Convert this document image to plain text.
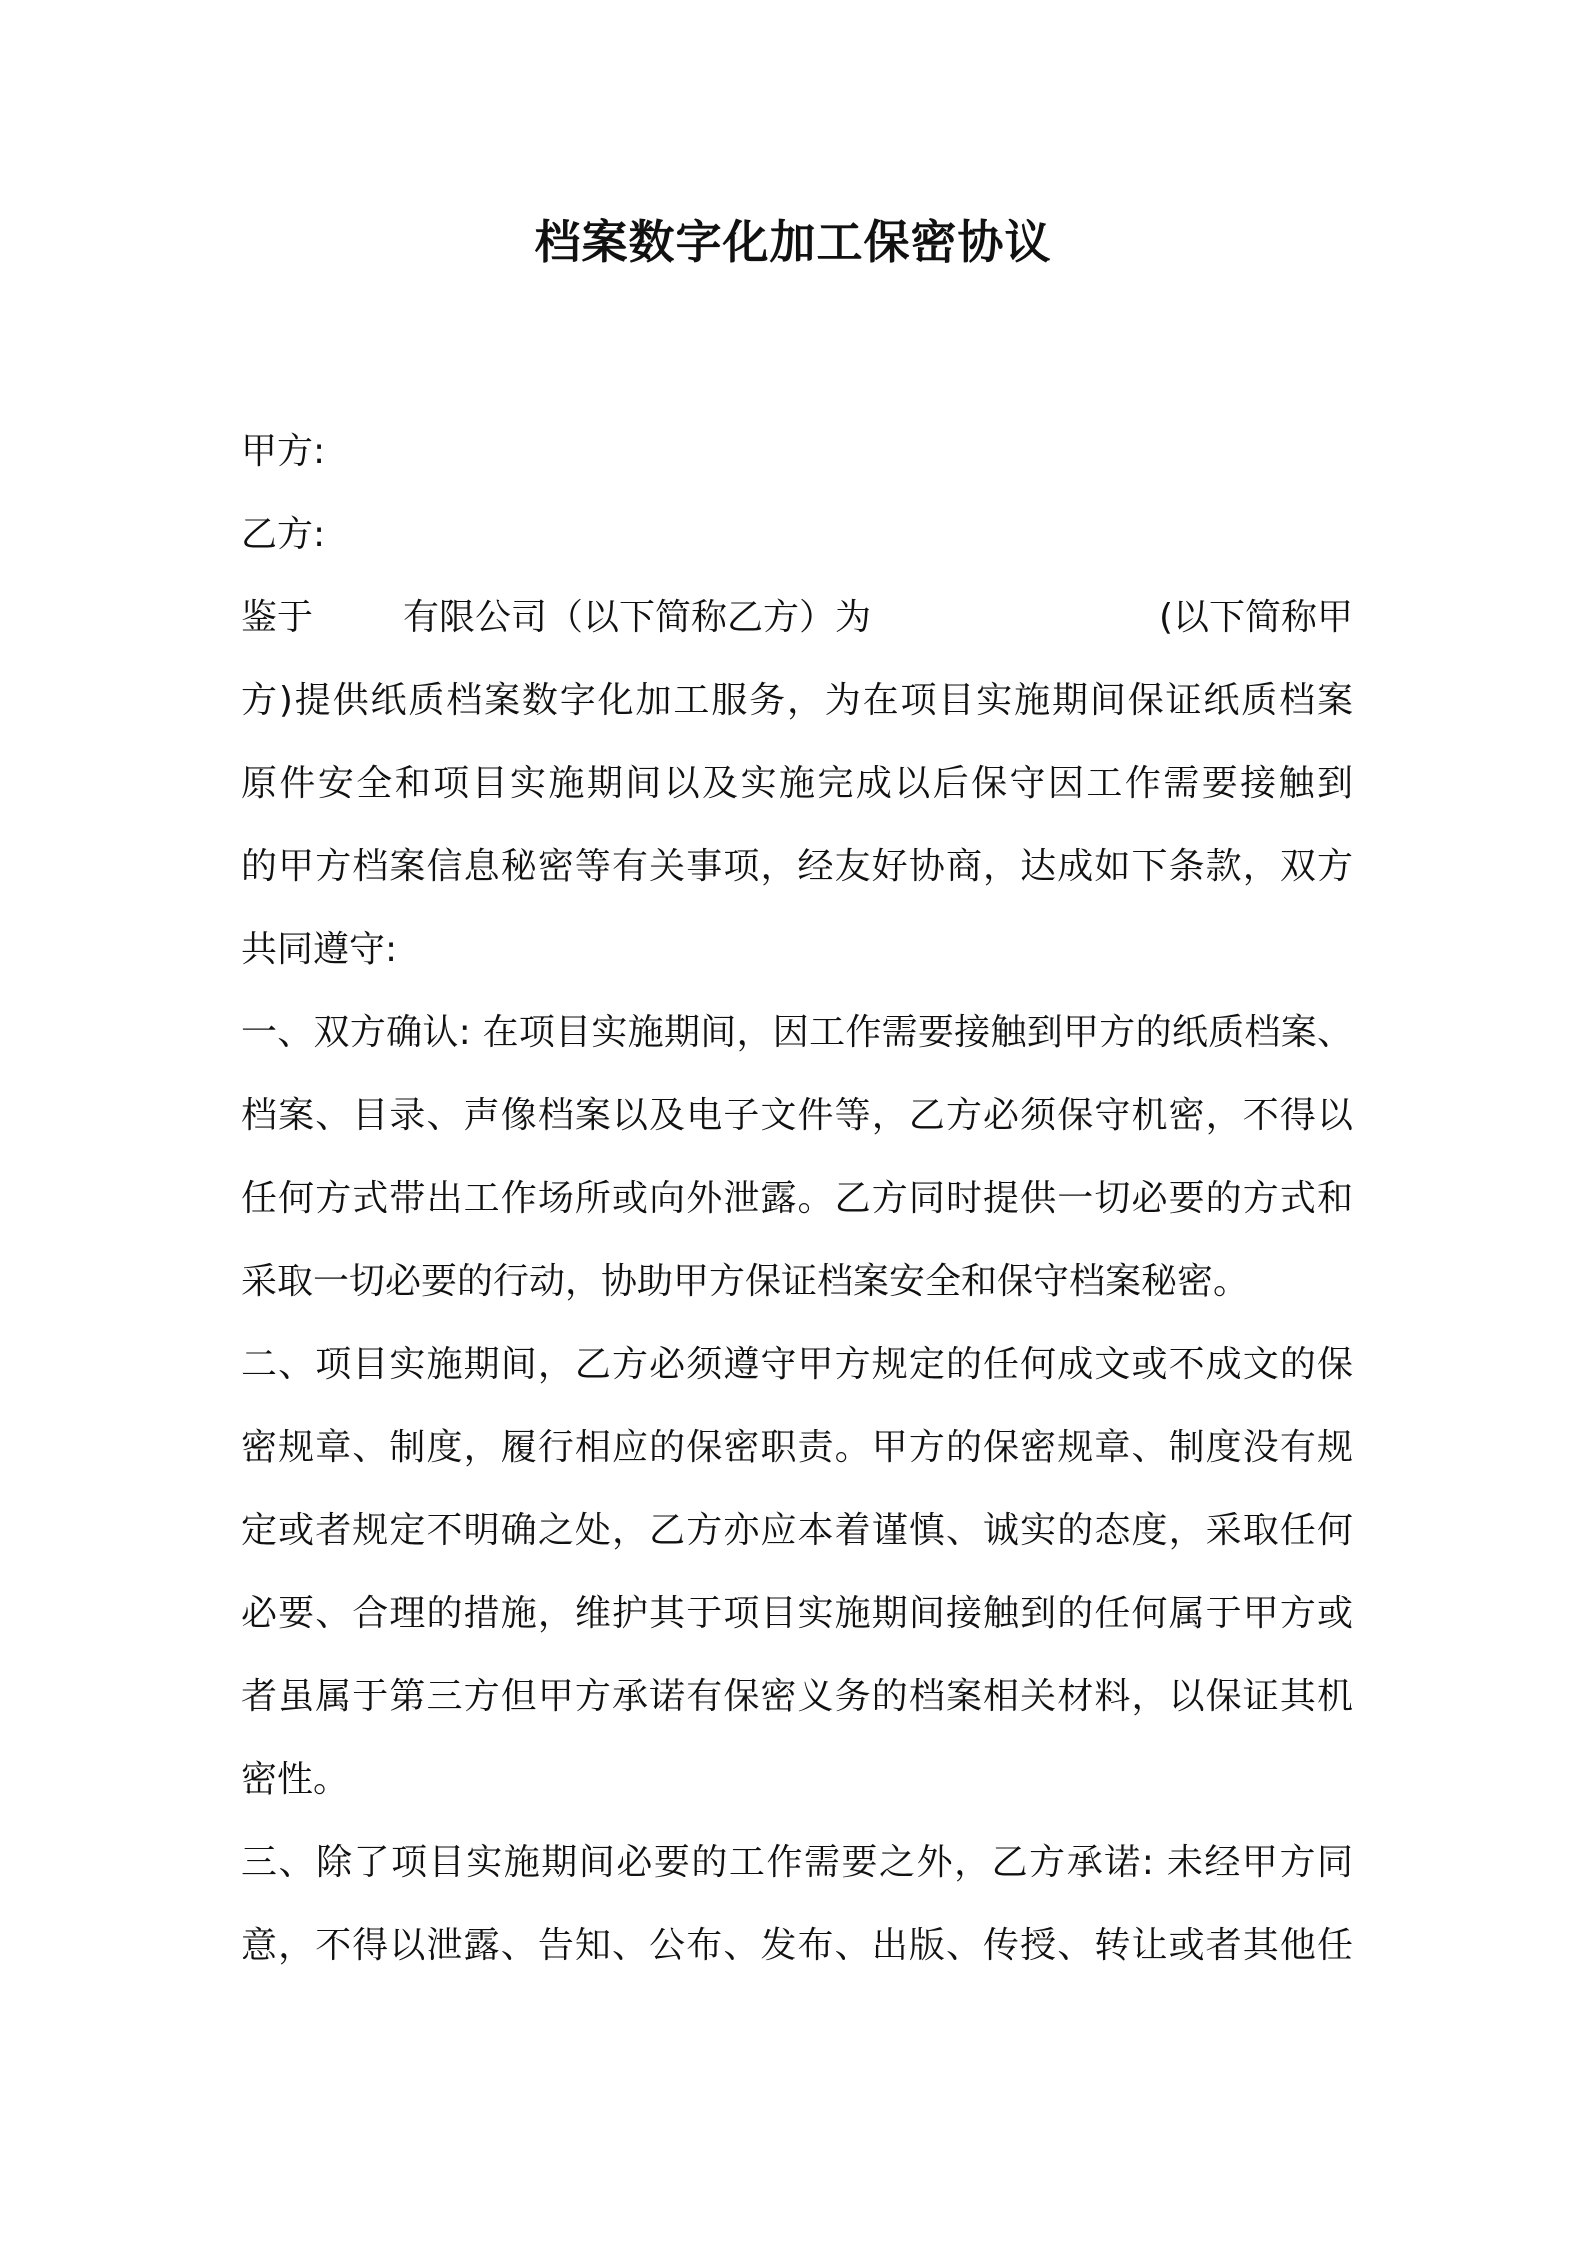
档案数字化加工保密协议
甲方:
乙方:
鉴于 有限公司（以下简称乙方）为	(以下简称甲
方)提供纸质档案数字化加工服务，为在项目实施期间保证纸质档案
原件安全和项目实施期间以及实施完成以后保守因工作需要接触到
的甲方档案信息秘密等有关事项，经友好协商，达成如下条款，双方
共同遵守:
一、双方确认: 在项目实施期间，因工作需要接触到甲方的纸质档案、
档案、目录、声像档案以及电子文件等，乙方必须保守机密，不得以
任何方式带出工作场所或向外泄露。乙方同时提供一切必要的方式和
采取一切必要的行动，协助甲方保证档案安全和保守档案秘密。
二、项目实施期间，乙方必须遵守甲方规定的任何成文或不成文的保
密规章、制度，履行相应的保密职责。甲方的保密规章、制度没有规
定或者规定不明确之处，乙方亦应本着谨慎、诚实的态度，采取任何
必要、合理的措施，维护其于项目实施期间接触到的任何属于甲方或
者虽属于第三方但甲方承诺有保密义务的档案相关材料，以保证其机
密性。
三、除了项目实施期间必要的工作需要之外，乙方承诺: 未经甲方同
意，不得以泄露、告知、公布、发布、出版、传授、转让或者其他任
